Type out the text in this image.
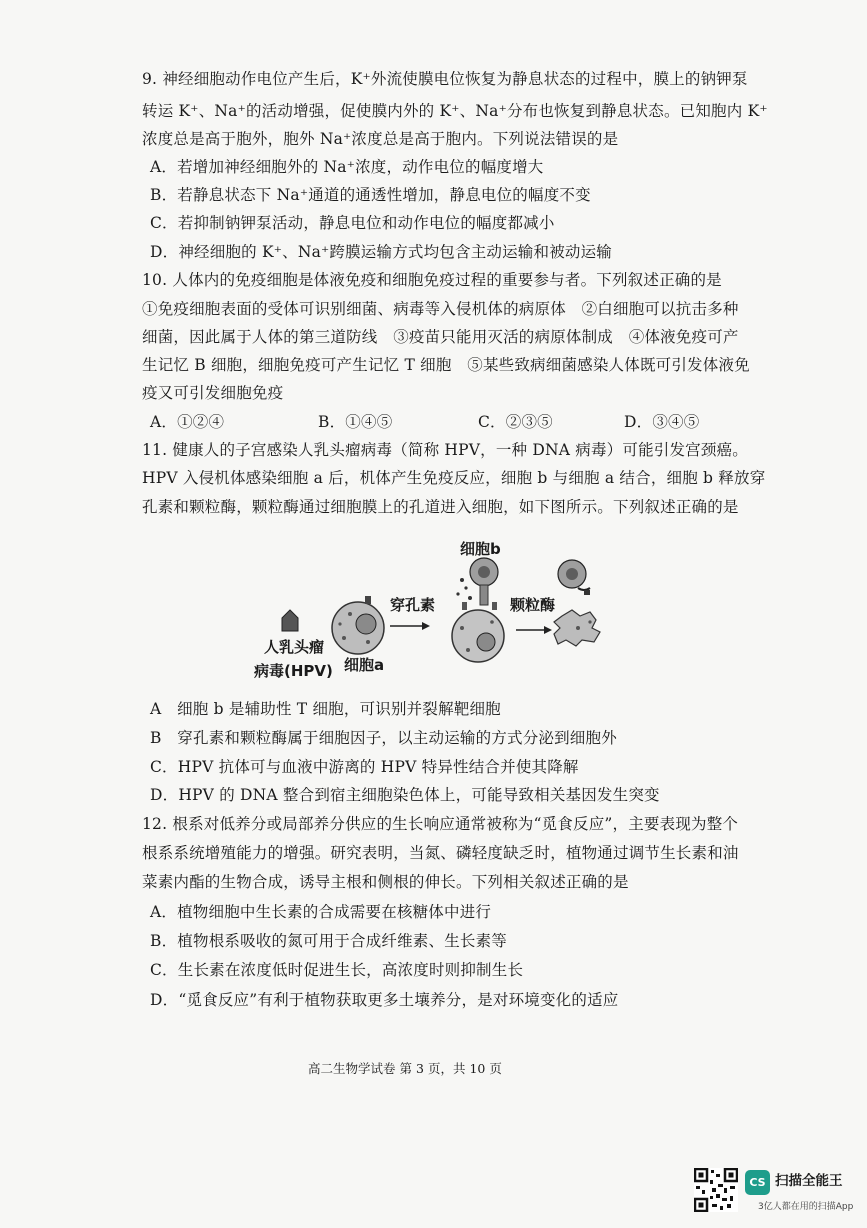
9. 神经细胞动作电位产生后，K⁺外流使膜电位恢复为静息状态的过程中，膜上的钠钾泵
转运 K⁺、Na⁺的活动增强，促使膜内外的 K⁺、Na⁺分布也恢复到静息状态。已知胞内 K⁺
浓度总是高于胞外，胞外 Na⁺浓度总是高于胞内。下列说法错误的是
A．若增加神经细胞外的 Na⁺浓度，动作电位的幅度增大
B．若静息状态下 Na⁺通道的通透性增加，静息电位的幅度不变
C．若抑制钠钾泵活动，静息电位和动作电位的幅度都减小
D．神经细胞的 K⁺、Na⁺跨膜运输方式均包含主动运输和被动运输
10. 人体内的免疫细胞是体液免疫和细胞免疫过程的重要参与者。下列叙述正确的是
①免疫细胞表面的受体可识别细菌、病毒等入侵机体的病原体　②白细胞可以抗击多种
细菌，因此属于人体的第三道防线　③疫苗只能用灭活的病原体制成　④体液免疫可产
生记忆 B 细胞，细胞免疫可产生记忆 T 细胞　⑤某些致病细菌感染人体既可引发体液免
疫又可引发细胞免疫
A．①②④	B．①④⑤	C．②③⑤	D．③④⑤
11. 健康人的子宫感染人乳头瘤病毒（简称 HPV，一种 DNA 病毒）可能引发宫颈癌。
HPV 入侵机体感染细胞 a 后，机体产生免疫反应，细胞 b 与细胞 a 结合，细胞 b 释放穿
孔素和颗粒酶，颗粒酶通过细胞膜上的孔道进入细胞，如下图所示。下列叙述正确的是
细胞b
穿孔素	颗粒酶
人乳头瘤
病毒(HPV) 细胞a
A　细胞 b 是辅助性 T 细胞，可识别并裂解靶细胞
B　穿孔素和颗粒酶属于细胞因子，以主动运输的方式分泌到细胞外
C．HPV 抗体可与血液中游离的 HPV 特异性结合并使其降解
D．HPV 的 DNA 整合到宿主细胞染色体上，可能导致相关基因发生突变
12. 根系对低养分或局部养分供应的生长响应通常被称为“觅食反应”，主要表现为整个
根系系统增殖能力的增强。研究表明，当氮、磷轻度缺乏时，植物通过调节生长素和油
菜素内酯的生物合成，诱导主根和侧根的伸长。下列相关叙述正确的是
A．植物细胞中生长素的合成需要在核糖体中进行
B．植物根系吸收的氮可用于合成纤维素、生长素等
C．生长素在浓度低时促进生长，高浓度时则抑制生长
D．“觅食反应”有利于植物获取更多土壤养分，是对环境变化的适应
高二生物学试卷 第 3 页，共 10 页
CS 扫描全能王
3亿人都在用的扫描App
